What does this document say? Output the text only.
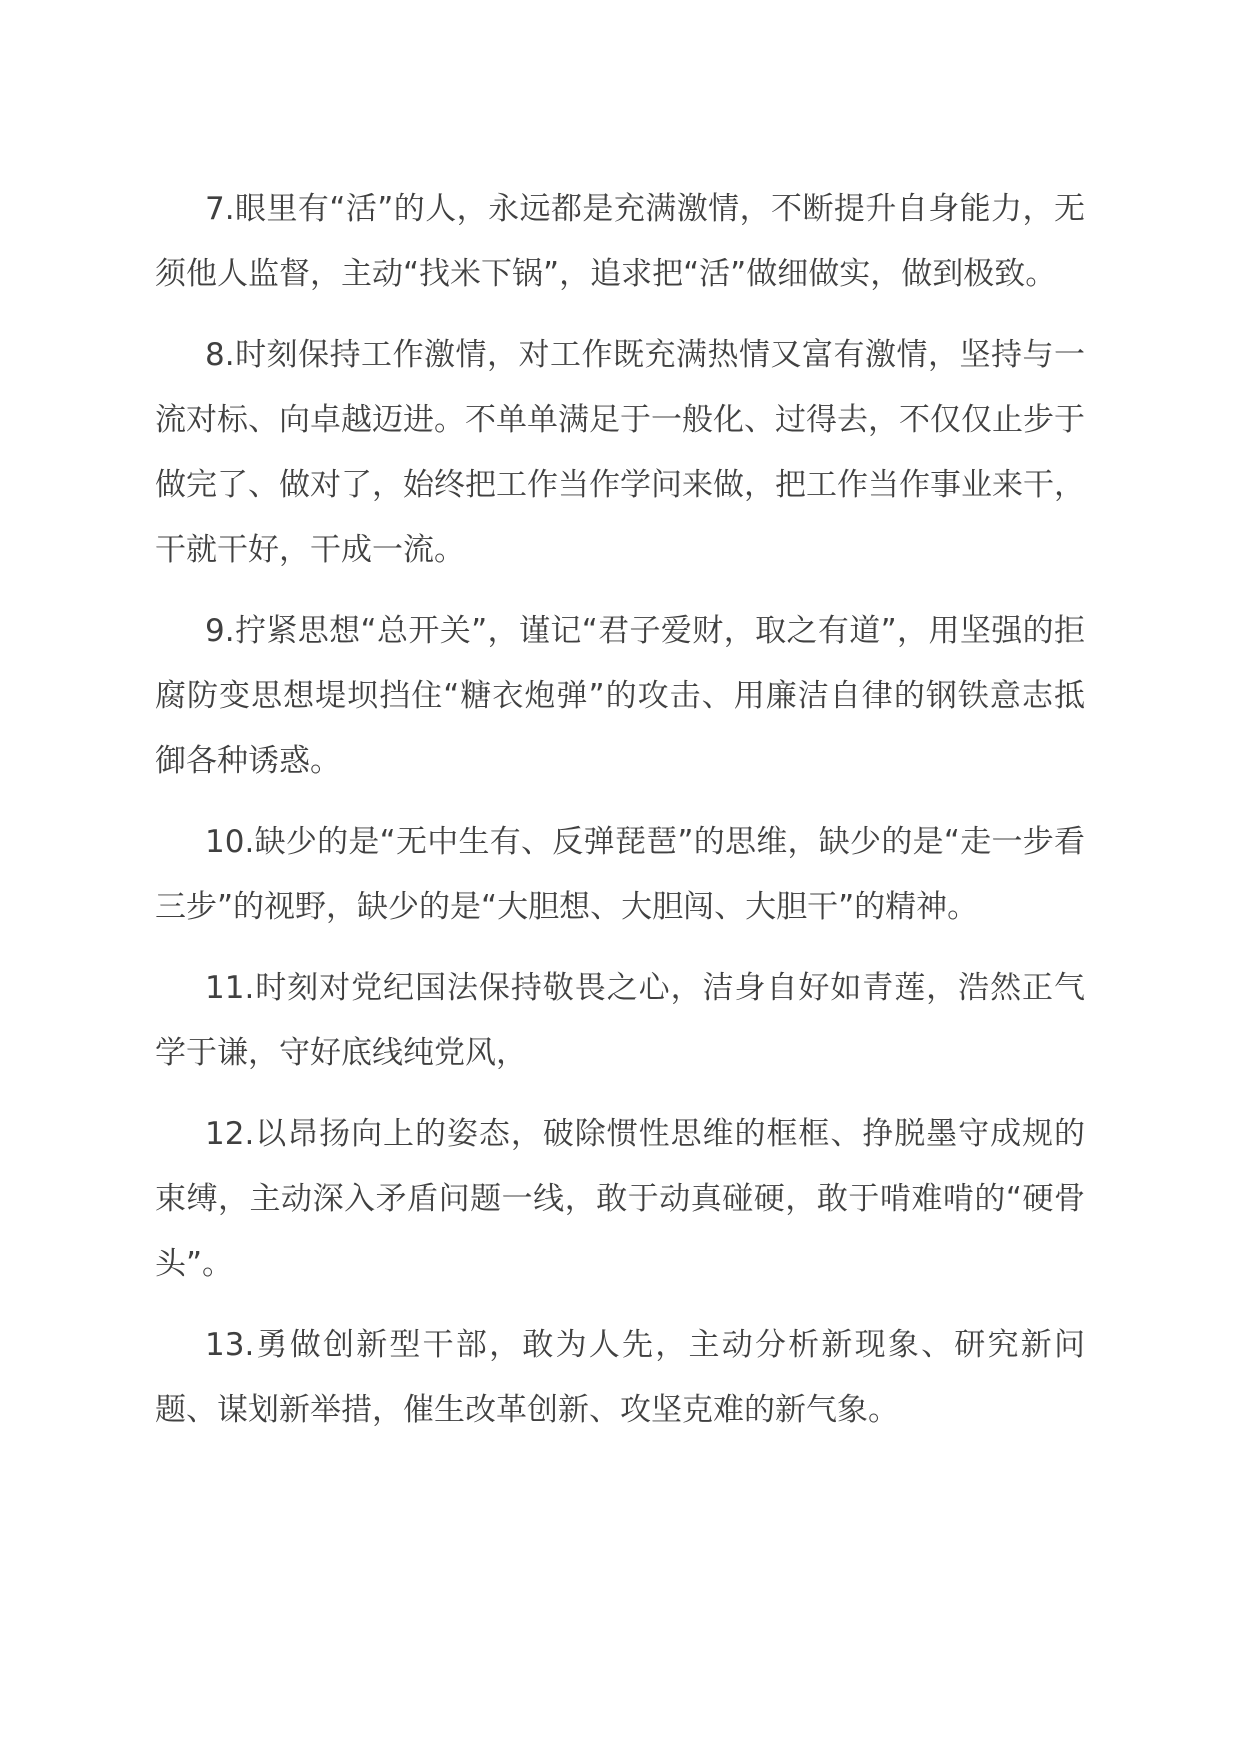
7.眼里有“活”的人，永远都是充满激情，不断提升自身能力，无须他人监督，主动“找米下锅”，追求把“活”做细做实，做到极致。

8.时刻保持工作激情，对工作既充满热情又富有激情，坚持与一流对标、向卓越迈进。不单单满足于一般化、过得去，不仅仅止步于做完了、做对了，始终把工作当作学问来做，把工作当作事业来干，干就干好，干成一流。

9.拧紧思想“总开关”，谨记“君子爱财，取之有道”，用坚强的拒腐防变思想堤坝挡住“糖衣炮弹”的攻击、用廉洁自律的钢铁意志抵御各种诱惑。

10.缺少的是“无中生有、反弹琵琶”的思维，缺少的是“走一步看三步”的视野，缺少的是“大胆想、大胆闯、大胆干”的精神。

11.时刻对党纪国法保持敬畏之心，洁身自好如青莲，浩然正气学于谦，守好底线纯党风，

12.以昂扬向上的姿态，破除惯性思维的框框、挣脱墨守成规的束缚，主动深入矛盾问题一线，敢于动真碰硬，敢于啃难啃的“硬骨头”。

13.勇做创新型干部，敢为人先，主动分析新现象、研究新问题、谋划新举措，催生改革创新、攻坚克难的新气象。
